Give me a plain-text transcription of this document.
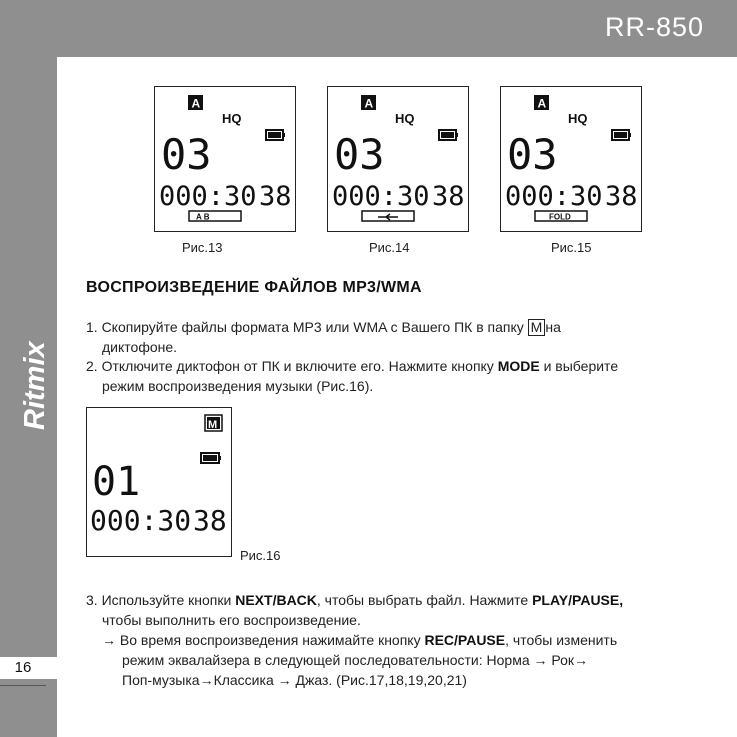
RR-850
Ritmix
16
A
HQ
03
000:30 38
A B
Рис.13
A
HQ
03
000:30 38
Рис.14
A
HQ
03
000:30 38
FOLD
Рис.15
ВОСПРОИЗВЕДЕНИЕ ФАЙЛОВ MP3/WMA
1. Скопируйте файлы формата MP3 или WMA с Вашего ПК в папку M на
диктофоне.
2. Отключите диктофон от ПК и включите его. Нажмите кнопку MODE и выберите
режим воспроизведения музыки (Рис.16).
M
01
000:30 38
Рис.16
3. Используйте кнопки NEXT/BACK, чтобы выбрать файл. Нажмите PLAY/PAUSE,
чтобы выполнить его воспроизведение.
→ Во время воспроизведения нажимайте кнопку REC/PAUSE, чтобы изменить
режим эквалайзера в следующей последовательности: Норма → Рок→
Поп-музыка→Классика → Джаз. (Рис.17,18,19,20,21)
